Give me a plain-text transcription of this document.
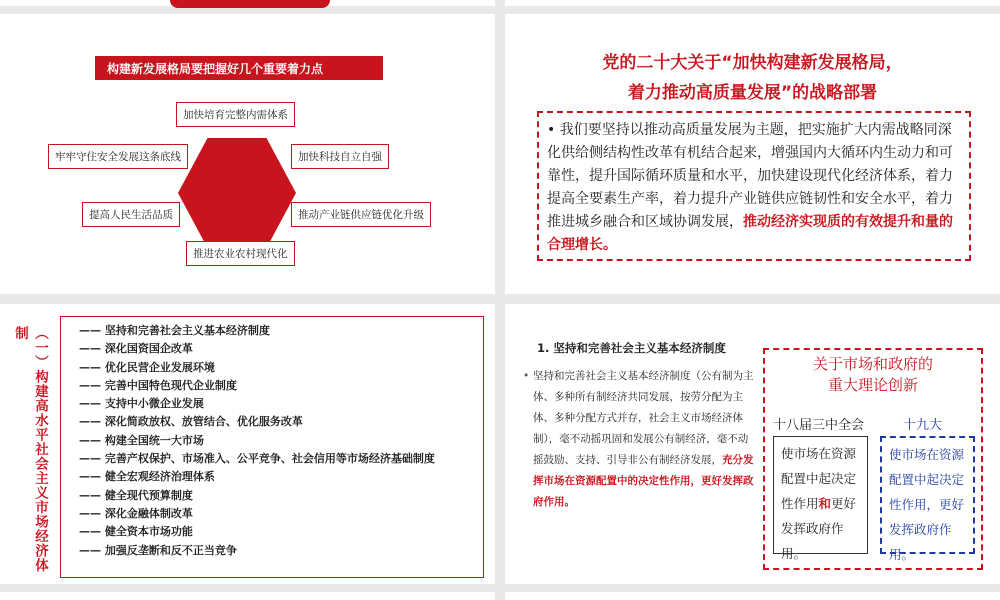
构建新发展格局要把握好几个重要着力点
加快培育完整内需体系
牢牢守住安全发展这条底线	加快科技自立自强
提高人民生活品质	推动产业链供应链优化升级
推进农业农村现代化
党的二十大关于“加快构建新发展格局，
着力推动高质量发展”的战略部署
• 我们要坚持以推动高质量发展为主题，把实施扩大内需战略同深化供给侧结构性改革有机结合起来，增强国内大循环内生动力和可靠性，提升国际循环质量和水平，加快建设现代化经济体系，着力提高全要素生产率，着力提升产业链供应链韧性和安全水平，着力推进城乡融合和区域协调发展，推动经济实现质的有效提升和量的合理增长。
（一）构建高水平社会主义市场经济体制	—— 坚持和完善社会主义基本经济制度
—— 深化国资国企改革
—— 优化民营企业发展环境
—— 完善中国特色现代企业制度
—— 支持中小微企业发展
—— 深化简政放权、放管结合、优化服务改革
—— 构建全国统一大市场
—— 完善产权保护、市场准入、公平竞争、社会信用等市场经济基础制度
—— 健全宏观经济治理体系
—— 健全现代预算制度
—— 深化金融体制改革
—— 健全资本市场功能
—— 加强反垄断和反不正当竞争
1. 坚持和完善社会主义基本经济制度
• 坚持和完善社会主义基本经济制度（公有制为主体、多种所有制经济共同发展，按劳分配为主体、多种分配方式并存，社会主义市场经济体制），毫不动摇巩固和发展公有制经济，毫不动摇鼓励、支持、引导非公有制经济发展，充分发挥市场在资源配置中的决定性作用，更好发挥政府作用。
关于市场和政府的
重大理论创新
十八届三中全会	十九大
使市场在资源配置中起决定性作用和更好发挥政府作用。
使市场在资源配置中起决定性作用，更好发挥政府作用。
